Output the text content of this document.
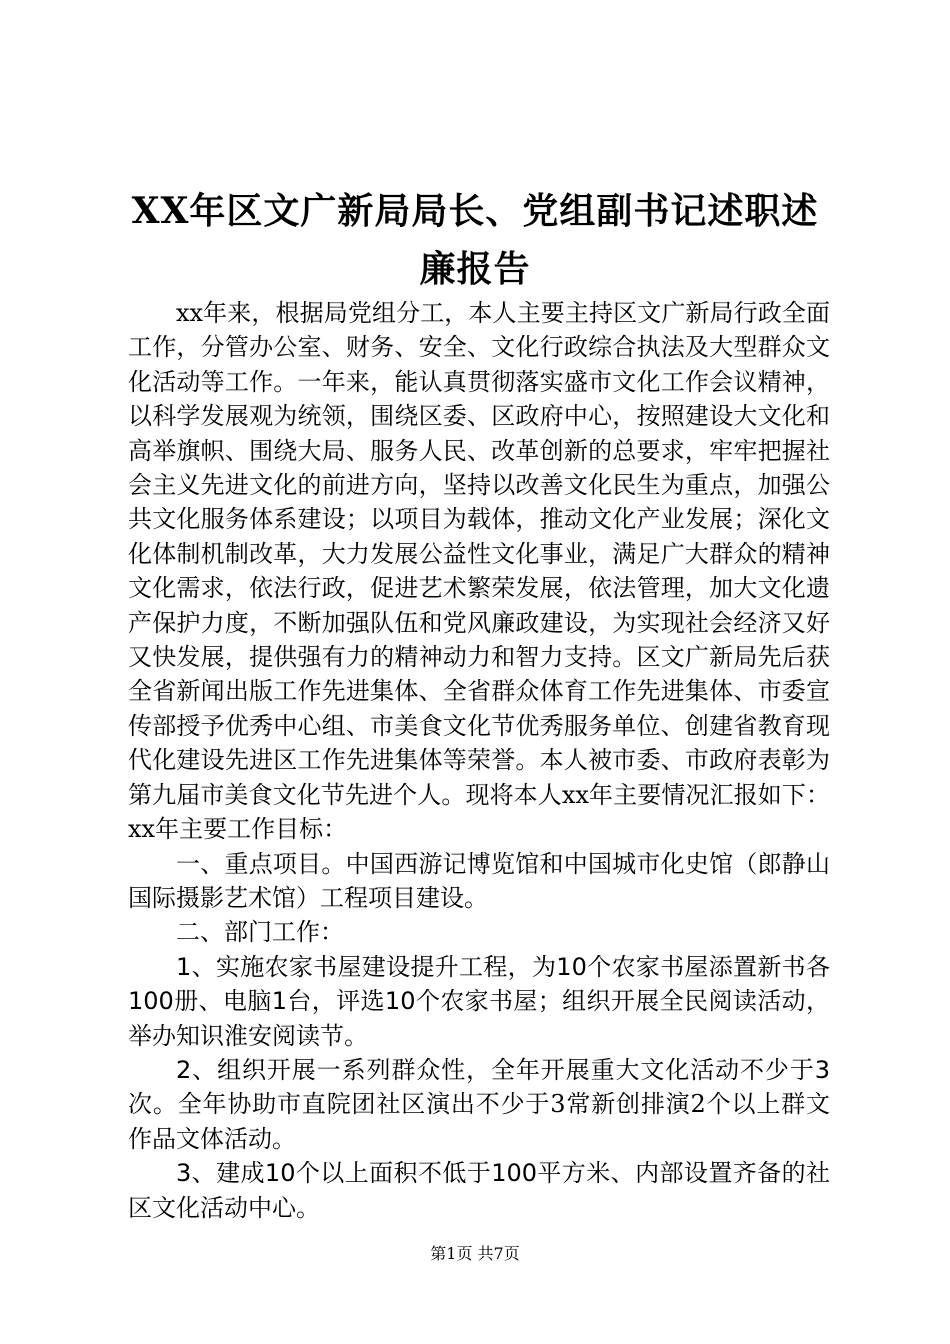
XX年区文广新局局长、党组副书记述职述廉报告

xx年来，根据局党组分工，本人主要主持区文广新局行政全面工作，分管办公室、财务、安全、文化行政综合执法及大型群众文化活动等工作。一年来，能认真贯彻落实盛市文化工作会议精神，以科学发展观为统领，围绕区委、区政府中心，按照建设大文化和高举旗帜、围绕大局、服务人民、改革创新的总要求，牢牢把握社会主义先进文化的前进方向，坚持以改善文化民生为重点，加强公共文化服务体系建设；以项目为载体，推动文化产业发展；深化文化体制机制改革，大力发展公益性文化事业，满足广大群众的精神文化需求，依法行政，促进艺术繁荣发展，依法管理，加大文化遗产保护力度，不断加强队伍和党风廉政建设，为实现社会经济又好又快发展，提供强有力的精神动力和智力支持。区文广新局先后获全省新闻出版工作先进集体、全省群众体育工作先进集体、市委宣传部授予优秀中心组、市美食文化节优秀服务单位、创建省教育现代化建设先进区工作先进集体等荣誉。本人被市委、市政府表彰为第九届市美食文化节先进个人。现将本人xx年主要情况汇报如下：xx年主要工作目标：

一、重点项目。中国西游记博览馆和中国城市化史馆（郎静山国际摄影艺术馆）工程项目建设。

二、部门工作：

1、实施农家书屋建设提升工程，为10个农家书屋添置新书各100册、电脑1台，评选10个农家书屋；组织开展全民阅读活动，举办知识淮安阅读节。

2、组织开展一系列群众性，全年开展重大文化活动不少于3次。全年协助市直院团社区演出不少于3常新创排演2个以上群文作品文体活动。

3、建成10个以上面积不低于100平方米、内部设置齐备的社区文化活动中心。

第1页 共7页
